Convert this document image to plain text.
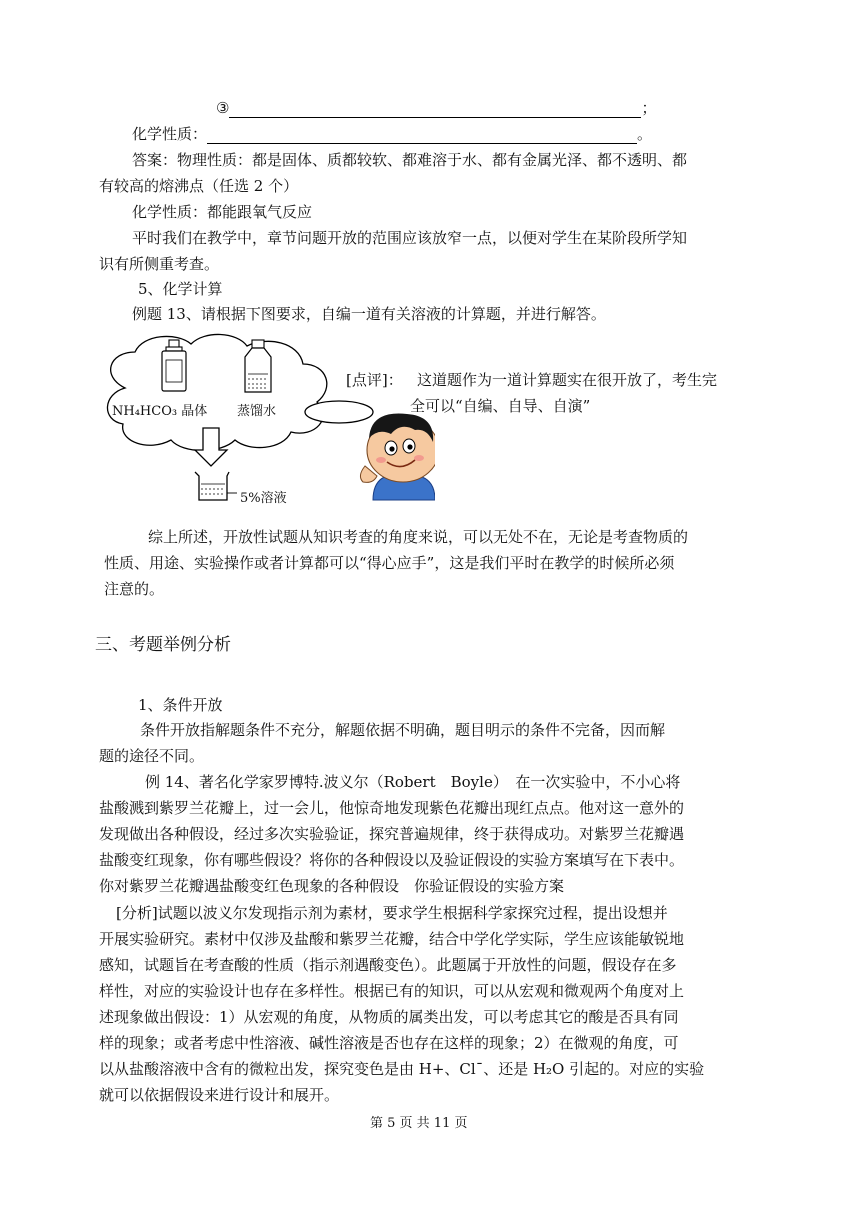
③	；
化学性质：	。
答案：物理性质：都是固体、质都较软、都难溶于水、都有金属光泽、都不透明、都
有较高的熔沸点（任选 2 个）
化学性质：都能跟氧气反应
平时我们在教学中，章节问题开放的范围应该放窄一点，以便对学生在某阶段所学知
识有所侧重考查。
5、化学计算
例题 13、请根据下图要求，自编一道有关溶液的计算题，并进行解答。
NH₄HCO₃ 晶体 蒸馏水
5%溶液
[点评]： 这道题作为一道计算题实在很开放了，考生完
全可以“自编、自导、自演”
综上所述，开放性试题从知识考查的角度来说，可以无处不在，无论是考查物质的
性质、用途、实验操作或者计算都可以“得心应手”，这是我们平时在教学的时候所必须
注意的。
三、考题举例分析
1、条件开放
条件开放指解题条件不充分，解题依据不明确，题目明示的条件不完备，因而解
题的途径不同。
例 14、著名化学家罗博特.波义尔（Robert　Boyle）　在一次实验中，不小心将
盐酸溅到紫罗兰花瓣上，过一会儿，他惊奇地发现紫色花瓣出现红点点。他对这一意外的
发现做出各种假设，经过多次实验验证，探究普遍规律，终于获得成功。对紫罗兰花瓣遇
盐酸变红现象，你有哪些假设？将你的各种假设以及验证假设的实验方案填写在下表中。
你对紫罗兰花瓣遇盐酸变红色现象的各种假设　你验证假设的实验方案
[分析]试题以波义尔发现指示剂为素材，要求学生根据科学家探究过程，提出设想并
开展实验研究。素材中仅涉及盐酸和紫罗兰花瓣，结合中学化学实际，学生应该能敏锐地
感知，试题旨在考查酸的性质（指示剂遇酸变色）。此题属于开放性的问题，假设存在多
样性，对应的实验设计也存在多样性。根据已有的知识，可以从宏观和微观两个角度对上
述现象做出假设：1）从宏观的角度，从物质的属类出发，可以考虑其它的酸是否具有同
样的现象；或者考虑中性溶液、碱性溶液是否也存在这样的现象；2）在微观的角度，可
以从盐酸溶液中含有的微粒出发，探究变色是由 H+、Cl¯、还是 H₂O 引起的。对应的实验
就可以依据假设来进行设计和展开。
第 5 页 共 11 页
